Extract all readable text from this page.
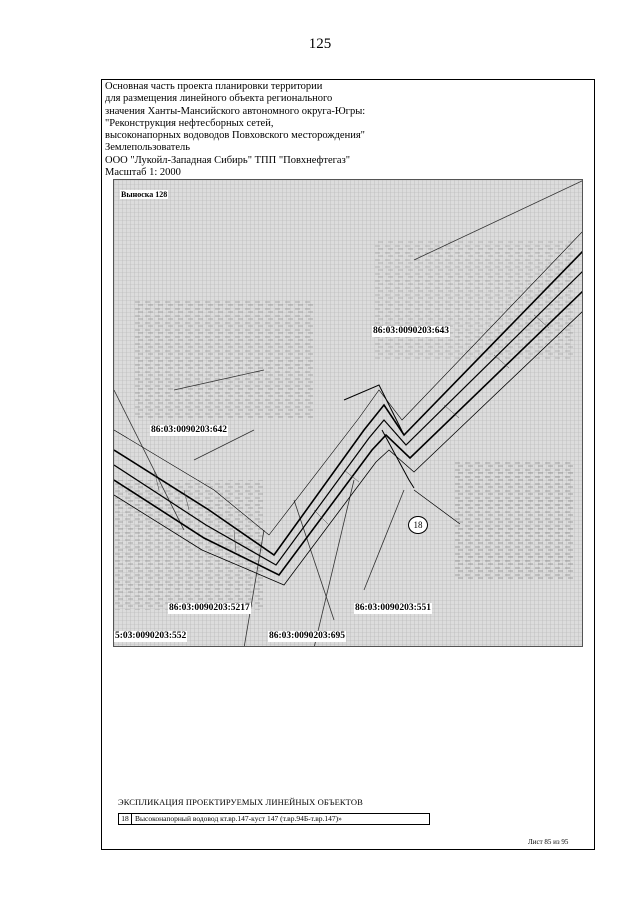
125
Основная часть проекта планировки территории
для размещения линейного объекта регионального
значения Ханты-Мансийского автономного округа-Югры:
"Реконструкция нефтесборных сетей,
высоконапорных водоводов Повховского месторождения"
Землепользователь
ООО "Лукойл-Западная Сибирь" ТПП "Повхнефтегаз"
Масштаб 1: 2000
Выноска 128
86:03:0090203:643
86:03:0090203:642
86:03:0090203:5217	86:03:0090203:551
5:03:0090203:552	86:03:0090203:695
18
ЭКСПЛИКАЦИЯ ПРОЕКТИРУЕМЫХ ЛИНЕЙНЫХ ОБЪЕКТОВ
18 Высоконапорный водовод кт.вр.147-куст 147 (т.вр.94Б-т.вр.147)»
Лист 85 из 95
